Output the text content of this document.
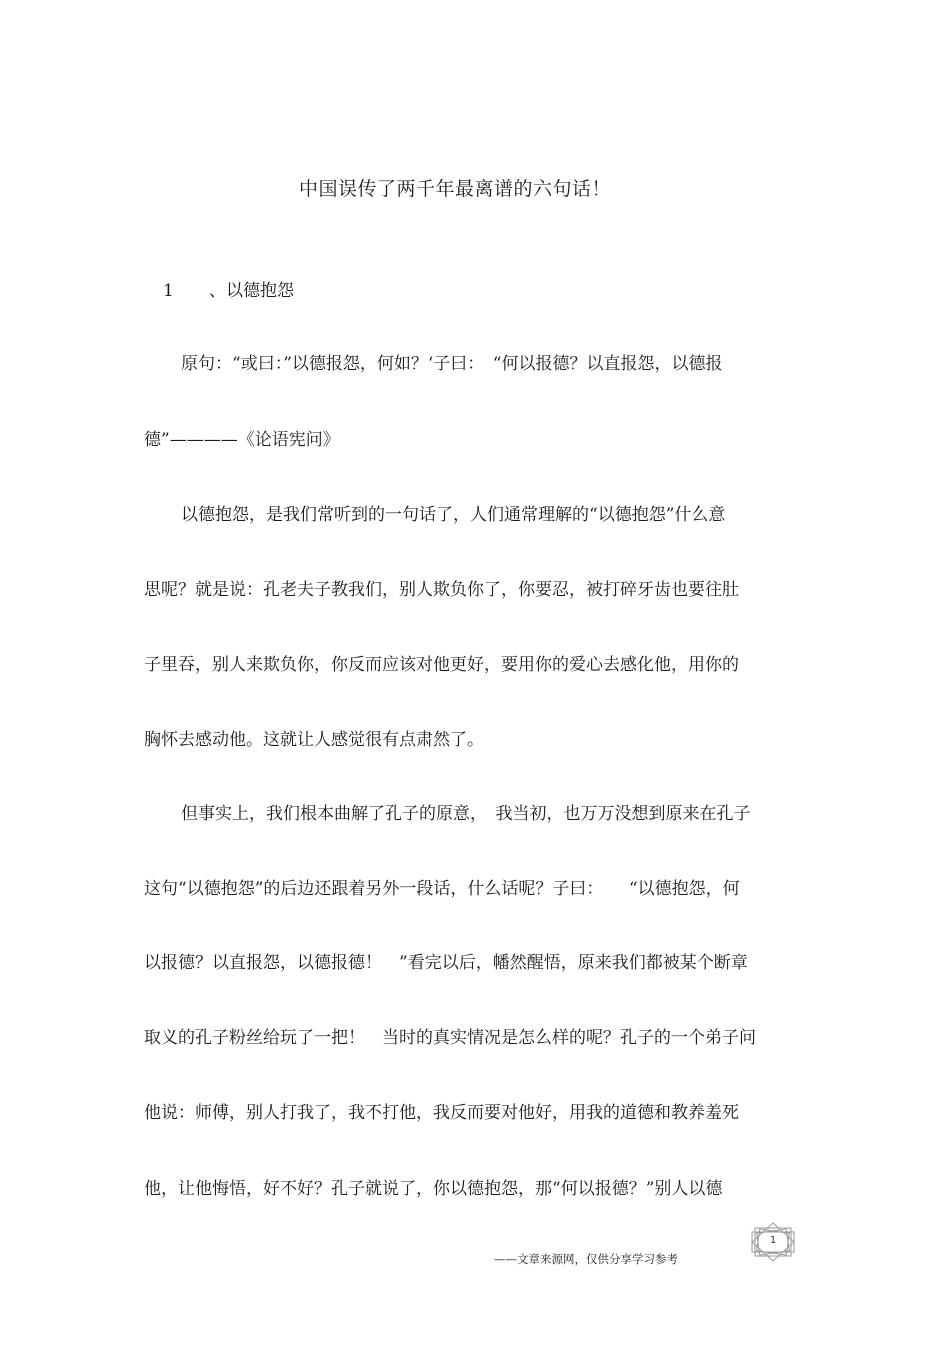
中国误传了两千年最离谱的六句话！
1 、以德抱怨
原句：“或曰：”以德报怨，何如？‘子曰：　“何以报德？以直报怨，以德报
德”————《论语宪问》
以德抱怨，是我们常听到的一句话了，人们通常理解的“以德抱怨”什么意
思呢？就是说：孔老夫子教我们，别人欺负你了，你要忍，被打碎牙齿也要往肚
子里吞，别人来欺负你，你反而应该对他更好，要用你的爱心去感化他，用你的
胸怀去感动他。这就让人感觉很有点肃然了。
但事实上，我们根本曲解了孔子的原意，　我当初，也万万没想到原来在孔子
这句“以德抱怨”的后边还跟着另外一段话，什么话呢？子曰：　　“以德抱怨，何
以报德？以直报怨，以德报德！　”看完以后，幡然醒悟，原来我们都被某个断章
取义的孔子粉丝给玩了一把！　当时的真实情况是怎么样的呢？孔子的一个弟子问
他说：师傅，别人打我了，我不打他，我反而要对他好，用我的道德和教养羞死
他，让他悔悟，好不好？孔子就说了，你以德抱怨，那“何以报德？”别人以德
——文章来源网，仅供分享学习参考
1
